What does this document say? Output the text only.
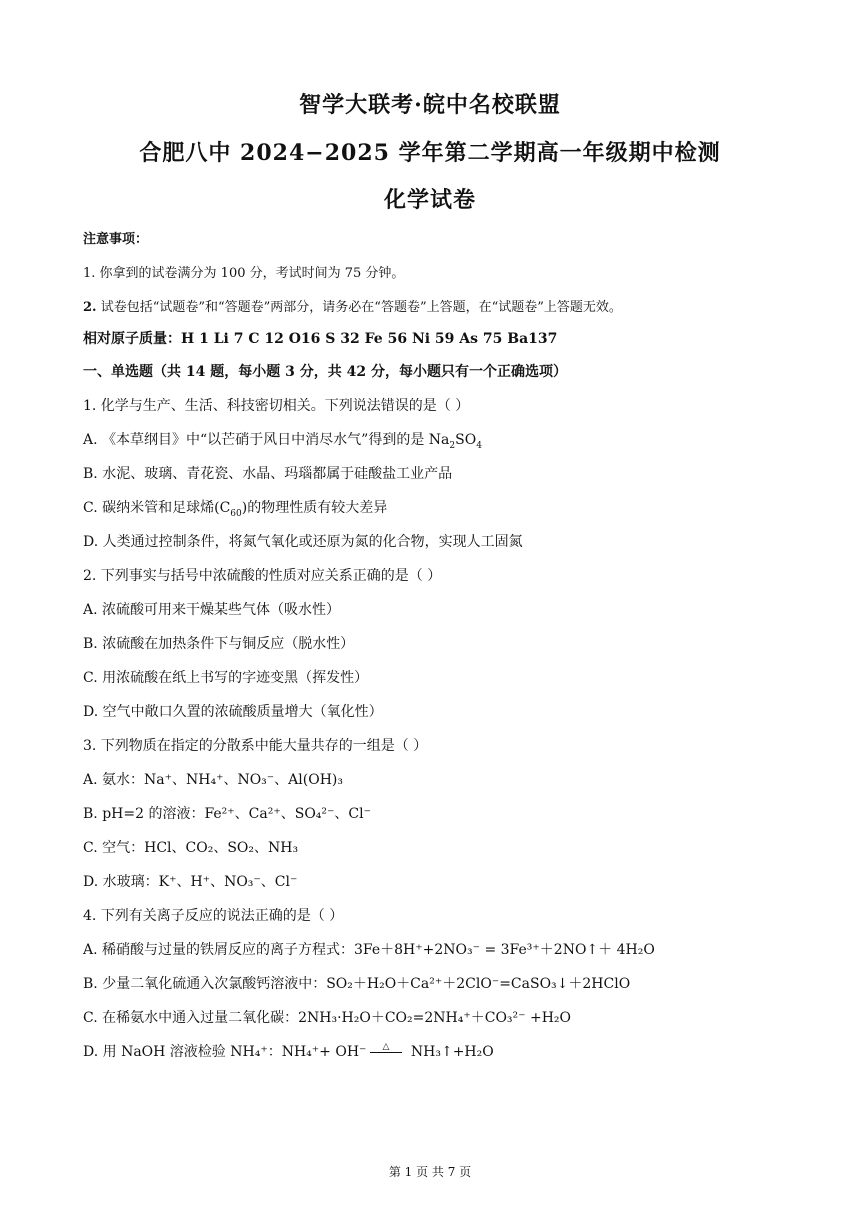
智学大联考·皖中名校联盟
合肥八中 2024−2025 学年第二学期高一年级期中检测
化学试卷
注意事项：
1. 你拿到的试卷满分为 100 分，考试时间为 75 分钟。
2. 试卷包括“试题卷”和“答题卷”两部分，请务必在“答题卷”上答题，在“试题卷”上答题无效。
相对原子质量：H 1 Li 7 C 12 O16 S 32 Fe 56 Ni 59 As 75 Ba137
一、单选题（共 14 题，每小题 3 分，共 42 分，每小题只有一个正确选项）
1. 化学与生产、生活、科技密切相关。下列说法错误的是（ ）
A. 《本草纲目》中“以芒硝于风日中消尽水气”得到的是 $Na_2SO_4$
B. 水泥、玻璃、青花瓷、水晶、玛瑙都属于硅酸盐工业产品
C. 碳纳米管和足球烯$(C_{60})$的物理性质有较大差异
D. 人类通过控制条件，将氮气氧化或还原为氮的化合物，实现人工固氮
2. 下列事实与括号中浓硫酸的性质对应关系正确的是（ ）
A. 浓硫酸可用来干燥某些气体（吸水性）
B. 浓硫酸在加热条件下与铜反应（脱水性）
C. 用浓硫酸在纸上书写的字迹变黑（挥发性）
D. 空气中敞口久置的浓硫酸质量增大（氧化性）
3. 下列物质在指定的分散系中能大量共存的一组是（ ）
A. 氨水：Na⁺、NH₄⁺、NO₃⁻、Al(OH)₃
B. pH=2 的溶液：Fe²⁺、Ca²⁺、SO₄²⁻、Cl⁻
C. 空气：HCl、CO₂、SO₂、NH₃
D. 水玻璃：K⁺、H⁺、NO₃⁻、Cl⁻
4. 下列有关离子反应的说法正确的是（ ）
A. 稀硝酸与过量的铁屑反应的离子方程式：3Fe＋8H⁺+2NO₃⁻ = 3Fe³⁺＋2NO↑＋ 4H₂O
B. 少量二氧化硫通入次氯酸钙溶液中：SO₂＋H₂O＋Ca²⁺＋2ClO⁻=CaSO₃↓＋2HClO
C. 在稀氨水中通入过量二氧化碳：2NH₃·H₂O＋CO₂=2NH₄⁺＋CO₃²⁻ +H₂O
D. 用 NaOH 溶液检验 NH₄⁺：NH₄⁺+ OH⁻ △ NH₃↑+H₂O
第 1 页 共 7 页
